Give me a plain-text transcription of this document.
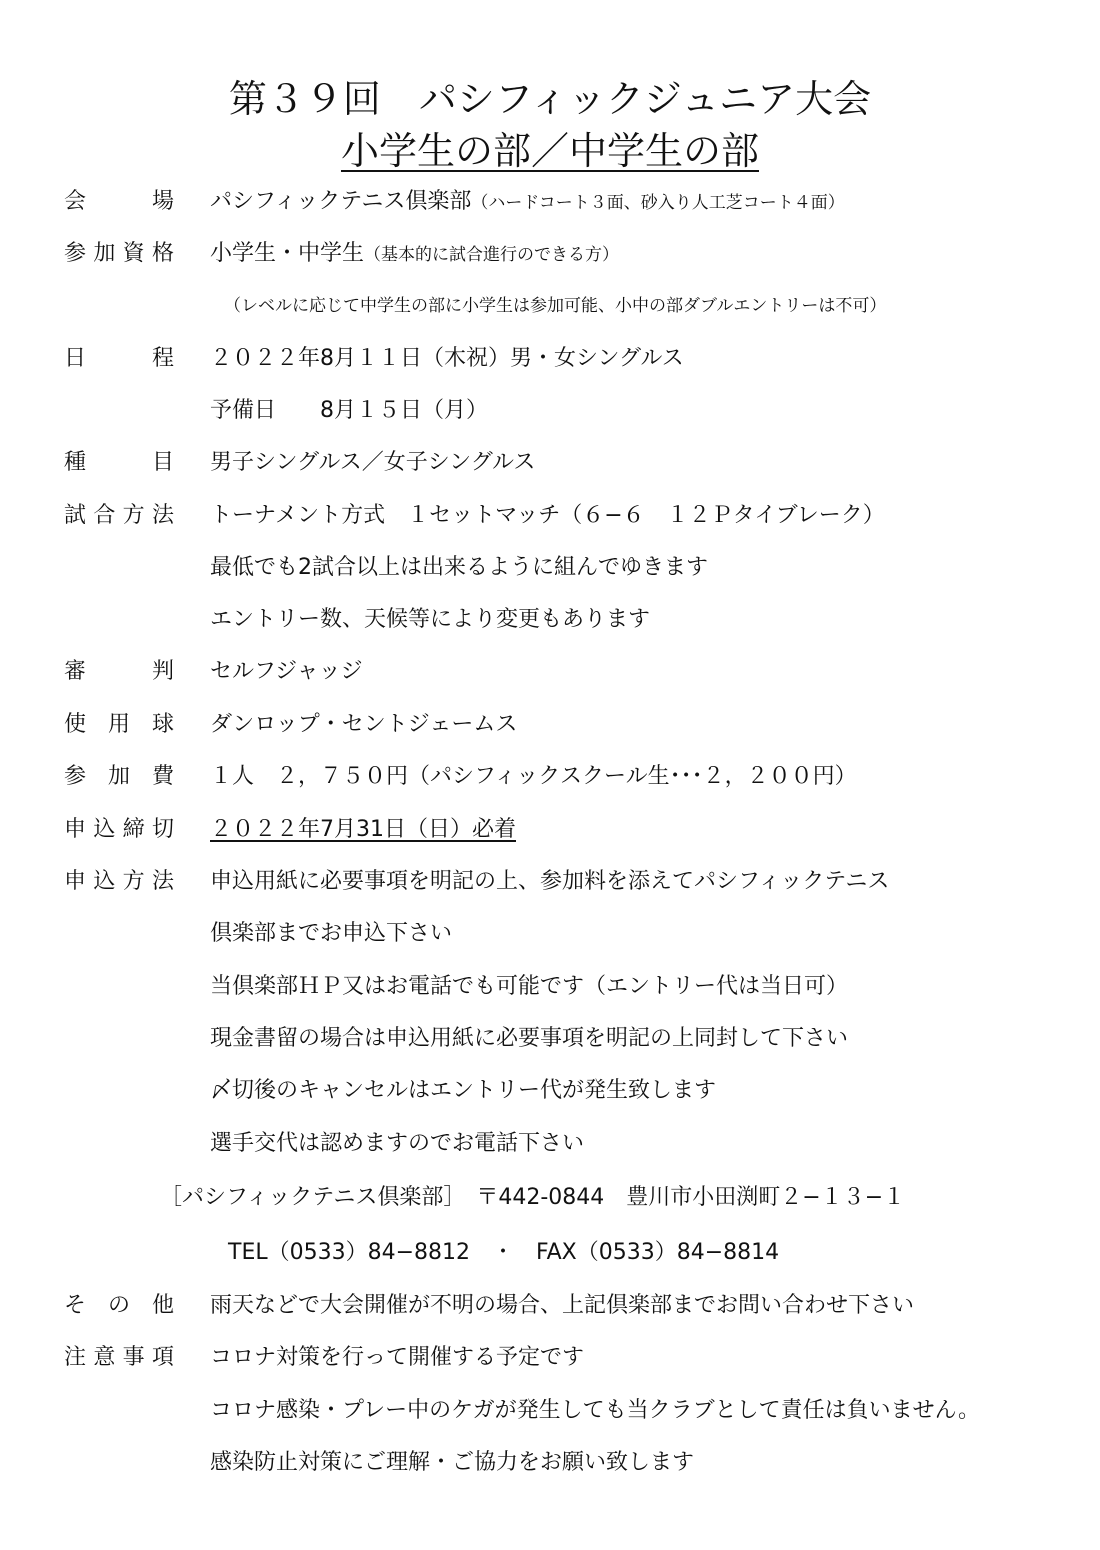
第３９回　パシフィックジュニア大会
小学生の部／中学生の部
会場 パシフィックテニス倶楽部（ハードコート３面、砂入り人工芝コート４面）
参加資格 小学生・中学生（基本的に試合進行のできる方）
（レベルに応じて中学生の部に小学生は参加可能、小中の部ダブルエントリーは不可）
日程 ２０２２年8月１１日（木祝）男・女シングルス
予備日　　8月１５日（月）
種目 男子シングルス／女子シングルス
試合方法 トーナメント方式　１セットマッチ（６−６　１２Ｐタイブレーク）
最低でも2試合以上は出来るように組んでゆきます
エントリー数、天候等により変更もあります
審判 セルフジャッジ
使用球 ダンロップ・セントジェームス
参加費 １人　２，７５０円（パシフィックスクール生･･･２，２００円）
申込締切 ２０２２年7月31日（日）必着
申込方法 申込用紙に必要事項を明記の上、参加料を添えてパシフィックテニス
倶楽部までお申込下さい
当倶楽部ＨＰ又はお電話でも可能です（エントリー代は当日可）
現金書留の場合は申込用紙に必要事項を明記の上同封して下さい
〆切後のキャンセルはエントリー代が発生致します
選手交代は認めますのでお電話下さい
［パシフィックテニス倶楽部］　〒442-0844　豊川市小田渕町２−１３−１
TEL（0533）84−8812　・　FAX（0533）84−8814
その他 雨天などで大会開催が不明の場合、上記倶楽部までお問い合わせ下さい
注意事項 コロナ対策を行って開催する予定です
コロナ感染・プレー中のケガが発生しても当クラブとして責任は負いません。
感染防止対策にご理解・ご協力をお願い致します
